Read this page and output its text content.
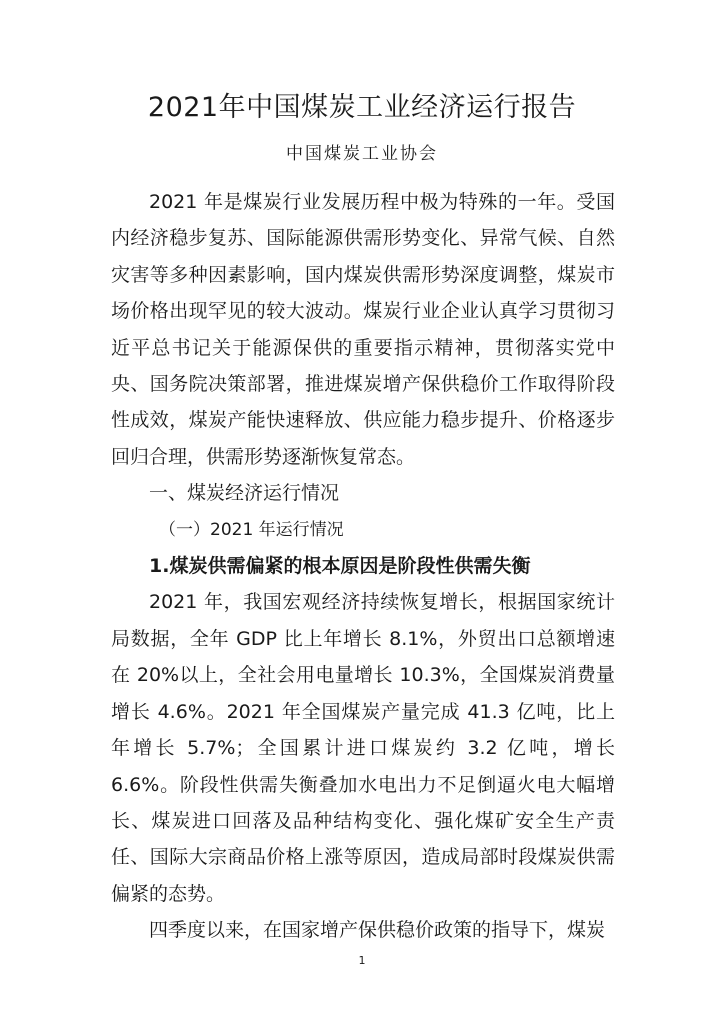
2021年中国煤炭工业经济运行报告

中国煤炭工业协会

2021 年是煤炭行业发展历程中极为特殊的一年。受国内经济稳步复苏、国际能源供需形势变化、异常气候、自然灾害等多种因素影响，国内煤炭供需形势深度调整，煤炭市场价格出现罕见的较大波动。煤炭行业企业认真学习贯彻习近平总书记关于能源保供的重要指示精神，贯彻落实党中央、国务院决策部署，推进煤炭增产保供稳价工作取得阶段性成效，煤炭产能快速释放、供应能力稳步提升、价格逐步回归合理，供需形势逐渐恢复常态。

一、煤炭经济运行情况

（一）2021 年运行情况

1.煤炭供需偏紧的根本原因是阶段性供需失衡

2021 年，我国宏观经济持续恢复增长，根据国家统计局数据，全年 GDP 比上年增长 8.1%，外贸出口总额增速在 20%以上，全社会用电量增长 10.3%，全国煤炭消费量增长 4.6%。2021 年全国煤炭产量完成 41.3 亿吨，比上年增长 5.7%；全国累计进口煤炭约 3.2 亿吨，增长 6.6%。阶段性供需失衡叠加水电出力不足倒逼火电大幅增长、煤炭进口回落及品种结构变化、强化煤矿安全生产责任、国际大宗商品价格上涨等原因，造成局部时段煤炭供需偏紧的态势。

四季度以来，在国家增产保供稳价政策的指导下，煤炭

1
